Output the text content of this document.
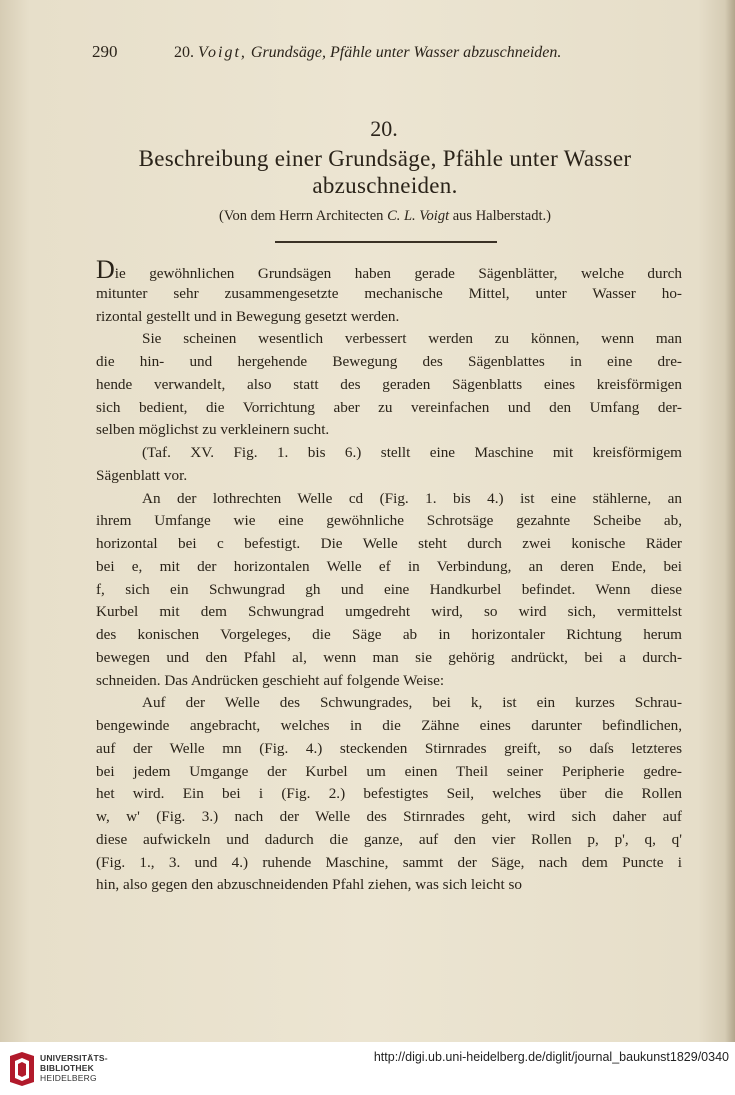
290	20. Voigt, Grundsäge, Pfähle unter Wasser abzuschneiden.
20.
Beschreibung einer Grundsäge, Pfähle unter Wasser
abzuschneiden.
(Von dem Herrn Architecten C. L. Voigt aus Halberstadt.)
Die gewöhnlichen Grundsägen haben gerade Sägenblätter, welche durch
mitunter sehr zusammengesetzte mechanische Mittel, unter Wasser ho-
rizontal gestellt und in Bewegung gesetzt werden.
Sie scheinen wesentlich verbessert werden zu können, wenn man
die hin- und hergehende Bewegung des Sägenblattes in eine dre-
hende verwandelt, also statt des geraden Sägenblatts eines kreisförmigen
sich bedient, die Vorrichtung aber zu vereinfachen und den Umfang der-
selben möglichst zu verkleinern sucht.
(Taf. XV. Fig. 1. bis 6.) stellt eine Maschine mit kreisförmigem
Sägenblatt vor.
An der lothrechten Welle cd (Fig. 1. bis 4.) ist eine stählerne, an
ihrem Umfange wie eine gewöhnliche Schrotsäge gezahnte Scheibe ab,
horizontal bei c befestigt. Die Welle steht durch zwei konische Räder
bei e, mit der horizontalen Welle ef in Verbindung, an deren Ende, bei
f, sich ein Schwungrad gh und eine Handkurbel befindet. Wenn diese
Kurbel mit dem Schwungrad umgedreht wird, so wird sich, vermittelst
des konischen Vorgeleges, die Säge ab in horizontaler Richtung herum
bewegen und den Pfahl al, wenn man sie gehörig andrückt, bei a durch-
schneiden. Das Andrücken geschieht auf folgende Weise:
Auf der Welle des Schwungrades, bei k, ist ein kurzes Schrau-
bengewinde angebracht, welches in die Zähne eines darunter befindlichen,
auf der Welle mn (Fig. 4.) steckenden Stirnrades greift, so daſs letzteres
bei jedem Umgange der Kurbel um einen Theil seiner Peripherie gedre-
het wird. Ein bei i (Fig. 2.) befestigtes Seil, welches über die Rollen
w, w' (Fig. 3.) nach der Welle des Stirnrades geht, wird sich daher auf
diese aufwickeln und dadurch die ganze, auf den vier Rollen p, p', q, q'
(Fig. 1., 3. und 4.) ruhende Maschine, sammt der Säge, nach dem Puncte i
hin, also gegen den abzuschneidenden Pfahl ziehen, was sich leicht so
UNIVERSITÄTS-
BIBLIOTHEK
HEIDELBERG
http://digi.ub.uni-heidelberg.de/diglit/journal_baukunst1829/0340
